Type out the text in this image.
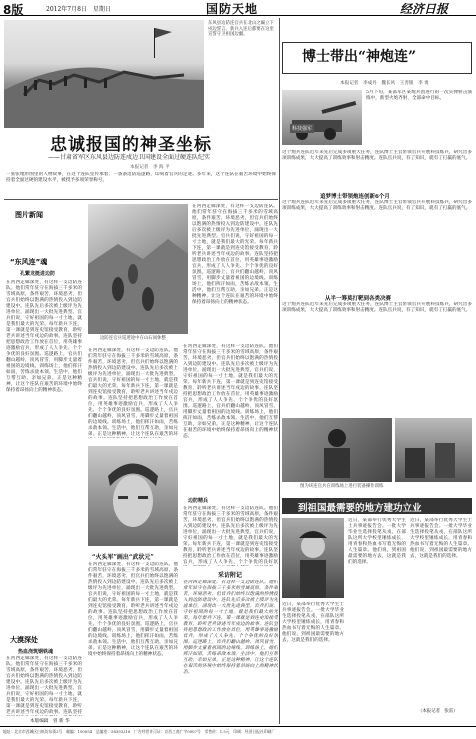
8版	2012年7月8日　星期日	国防天地	经济日报
东风县边防连官兵在北山之巅立下戍边誓言。新兵入连后都要在这里宣誓守卫祖国边疆。
忠诚报国的神圣坐标
——甘肃省军区东风县边防连戍边卫国建设全面过硬连队纪实
本报记者　李 海 平
一张张地形图里的人物故事，在这个连队里传承着；一条条边防巡逻路，印刻着官兵的足迹。多年来，这个连队在艰苦环境中始终保持着全面过硬的建设水平，被授予多项荣誉称号。
图片新闻
“东风连”魂
孔繁龙挺进边防
在河西走廊深处，有这样一支边防连队。他们常年驻守在海拔三千多米的雪域高原，条件艰苦，环境恶劣，但官兵们始终以饱满的热情投入到边防建设中。连队先后多次被上级评为先进单位，涌现出一大批先进典型。官兵们说，守好祖国的每一寸土地，就是我们最大的光荣。每年新兵下连，第一课就是到连史馆接受教育，聆听老兵讲述当年戍边的故事。连队坚持把思想政治工作放在首位，用英雄事迹激励官兵，形成了人人争先、个个争优的良好氛围。巡逻路上，官兵们翻山越岭，顶风冒雪，用脚步丈量着祖国的边境线。训练场上，他们挥汗如雨，苦练杀敌本领。生活中，他们互帮互助，亲如兄弟。正是这种精神，让这个连队在艰苦的环境中始终保持着昂扬向上的精神状态。
大漠深处
热血浇筑钢铁魂
在河西走廊深处，有这样一支边防连队。他们常年驻守在海拔三千多米的雪域高原，条件艰苦，环境恶劣，但官兵们始终以饱满的热情投入到边防建设中。连队先后多次被上级评为先进单位，涌现出一大批先进典型。官兵们说，守好祖国的每一寸土地，就是我们最大的光荣。每年新兵下连，第一课就是到连史馆接受教育，聆听老兵讲述当年戍边的故事。连队坚持
本版编辑　曾 新 华
边防连官兵巡逻途中在山石间休整
在河西走廊深处，有这样一支边防连队。他们常年驻守在海拔三千多米的雪域高原，条件艰苦，环境恶劣，但官兵们始终以饱满的热情投入到边防建设中。连队先后多次被上级评为先进单位，涌现出一大批先进典型。官兵们说，守好祖国的每一寸土地，就是我们最大的光荣。每年新兵下连，第一课就是到连史馆接受教育，聆听老兵讲述当年戍边的故事。连队坚持把思想政治工作放在首位，用英雄事迹激励官兵，形成了人人争先、个个争优的良好氛围。巡逻路上，官兵们翻山越岭，顶风冒雪，用脚步丈量着祖国的边境线。训练场上，他们挥汗如雨，苦练杀敌本领。生活中，他们互帮互助，亲如兄弟。正是这种精神，让这个连队在艰苦的环境中始终保持着昂扬向上的精神状态。
在河西走廊深处，有这样一支边防连队。他们常年驻守在海拔三千多米的雪域高原，条件艰苦，环境恶劣，但官兵们始终以饱满的热情投入到边防建设中。连队先后多次被上级评为先进单位，涌现出一大批先进典型。官兵们说，守好祖国的每一寸土地，就是我们最大的光荣。每年新兵下连，第一课就是到连史馆接受教育，聆听老兵讲述当年戍边的故事。连队坚持把思想政治工作放在首位，用英雄事迹激励官兵，形成了人人争先、个个争优的良好氛围。巡逻路上，官兵们翻山越岭，顶风冒雪，用脚步丈量着祖国的边境线。训练场上，他们挥汗如雨，苦练杀敌本领。生活中，他们互帮互助，亲如兄弟。正是这种精神，让这个连队在艰苦的环
在河西走廊深处，有这样一支边防连队。他们常年驻守在海拔三千多米的雪域高原，条件艰苦，环境恶劣，但官兵们始终以饱满的热情投入到边防建设中。连队先后多次被上级评为先进单位，涌现出一大批先进典型。官兵们说，守好祖国的每一寸土地，就是我们最大的光荣。每年新兵下连，第一课就是到连史馆接受教育，聆听老兵讲述当年戍边的故事。连队坚持把思想政治工作放在首位，用英雄事迹激励官兵，形成了人人争先、个个争优的良好氛围。巡逻路上，官兵们翻山越岭，顶风冒雪，用脚步丈量着祖国的边境线。训练场上，他们挥汗如雨，苦练杀敌本领。生活中，他们互帮互助，亲如兄弟。正是这种精神，让这个连队在艰苦的环境中始终保持着昂扬向上的精神状态。
“火头军”画出“武状元”
在河西走廊深处，有这样一支边防连队。他们常年驻守在海拔三千多米的雪域高原，条件艰苦，环境恶劣，但官兵们始终以饱满的热情投入到边防建设中。连队先后多次被上级评为先进单位，涌现出一大批先进典型。官兵们说，守好祖国的每一寸土地，就是我们最大的光荣。每年新兵下连，第一课就是到连史馆接受教育，聆听老兵讲述当年戍边的故事。连队坚持把思想政治工作放在首位，用英雄事迹激励官兵，形成了人人争先、个个争优的良好氛围。巡逻路上，官兵们翻山越岭，顶风冒雪，用脚步丈量着祖国的边境线。训练场上，他们挥汗如雨，苦练杀敌本领。生活中，他们互帮互助，亲如兄弟。正是这种精神，让这个连队在艰苦的环境中始终保持着昂扬向上的精神状态。
边防精兵
在河西走廊深处，有这样一支边防连队。他们常年驻守在海拔三千多米的雪域高原，条件艰苦，环境恶劣，但官兵们始终以饱满的热情投入到边防建设中。连队先后多次被上级评为先进单位，涌现出一大批先进典型。官兵们说，守好祖国的每一寸土地，就是我们最大的光荣。每年新兵下连，第一课就是到连史馆接受教育，聆听老兵讲述当年戍边的故事。连队坚持把思想政治工作放在首位，用英雄事迹激励官兵，形成了人人争先、个个争优的良好氛
采访附记
在河西走廊深处，有这样一支边防连队。他们常年驻守在海拔三千多米的雪域高原，条件艰苦，环境恶劣，但官兵们始终以饱满的热情投入到边防建设中。连队先后多次被上级评为先进单位，涌现出一大批先进典型。官兵们说，守好祖国的每一寸土地，就是我们最大的光荣。每年新兵下连，第一课就是到连史馆接受教育，聆听老兵讲述当年戍边的故事。连队坚持把思想政治工作放在首位，用英雄事迹激励官兵，形成了人人争先、个个争优的良好氛围。巡逻路上，官兵们翻山越岭，顶风冒雪，用脚步丈量着祖国的边境线。训练场上，他们挥汗如雨，苦练杀敌本领。生活中，他们互帮互助，亲如兄弟。正是这种精神，让这个连队在艰苦的环境中始终保持着昂扬向上的精神状态。
博士带出“神炮连”
本报记者　李成丹　魏长风　王善银　李 勇
科技强军
5月下旬，某部军区某炮兵团进行的一次实弹射击演练中，新型火炮齐射，全部命中目标。
这个炮兵连队近年来先后完成多项重大任务，连队博士主官带领官兵开展科技练兵，研究出多项训练成果，大大提高了训练效率和射击精度。连队官兵说，有了知识，就有了打赢的底气。
追梦博士带领炮连创新6个月
这个炮兵连队近年来先后完成多项重大任务，连队博士主官带领官兵开展科技练兵，研究出多项训练成果，大大提高了训练效率和射击精度。连队官兵说，有了知识，就有了打赢的底气。
从半一筹莫打靶到各类决赛
这个炮兵连队近年来先后完成多项重大任务，连队博士主官带领官兵开展科技练兵，研究出多项训练成果，大大提高了训练效率和射击精度。连队官兵说，有了知识，就有了打赢的底气。
图为该连官兵在训练场上进行装备操作训练
到祖国最需要的地方建功立业
近日，某部举行优秀大学生士兵事迹报告会。一批大学毕业生选择投笔从戎，在部队这所大学校里锤炼成长，用青春和热血书写着无悔的人生篇章。他们说，到祖国最需要的地方去，这就是我们的选择。
近日，某部举行优秀大学生士兵事迹报告会。一批大学毕业生选择投笔从戎，在部队这所大学校里锤炼成长，用青春和热血书写着无悔的人生篇章。他们说，到祖国最需要的地方去，这就是我们的选择。
近日，某部举行优秀大学生士兵事迹报告会。一批大学毕业生选择投笔从戎，在部队这所大学校里锤炼成长，用青春和热血书写着无悔的人生篇章。他们说，到祖国最需要的地方去，这就是我们的选择。
（本报记者　张雷）
地址：北京市西城区白纸坊东街2号　邮编：100054　总编室：58393218　广告经营许可证：京西工商广字0007号　零售价：1.5元　印刷：经济日报社印刷厂
